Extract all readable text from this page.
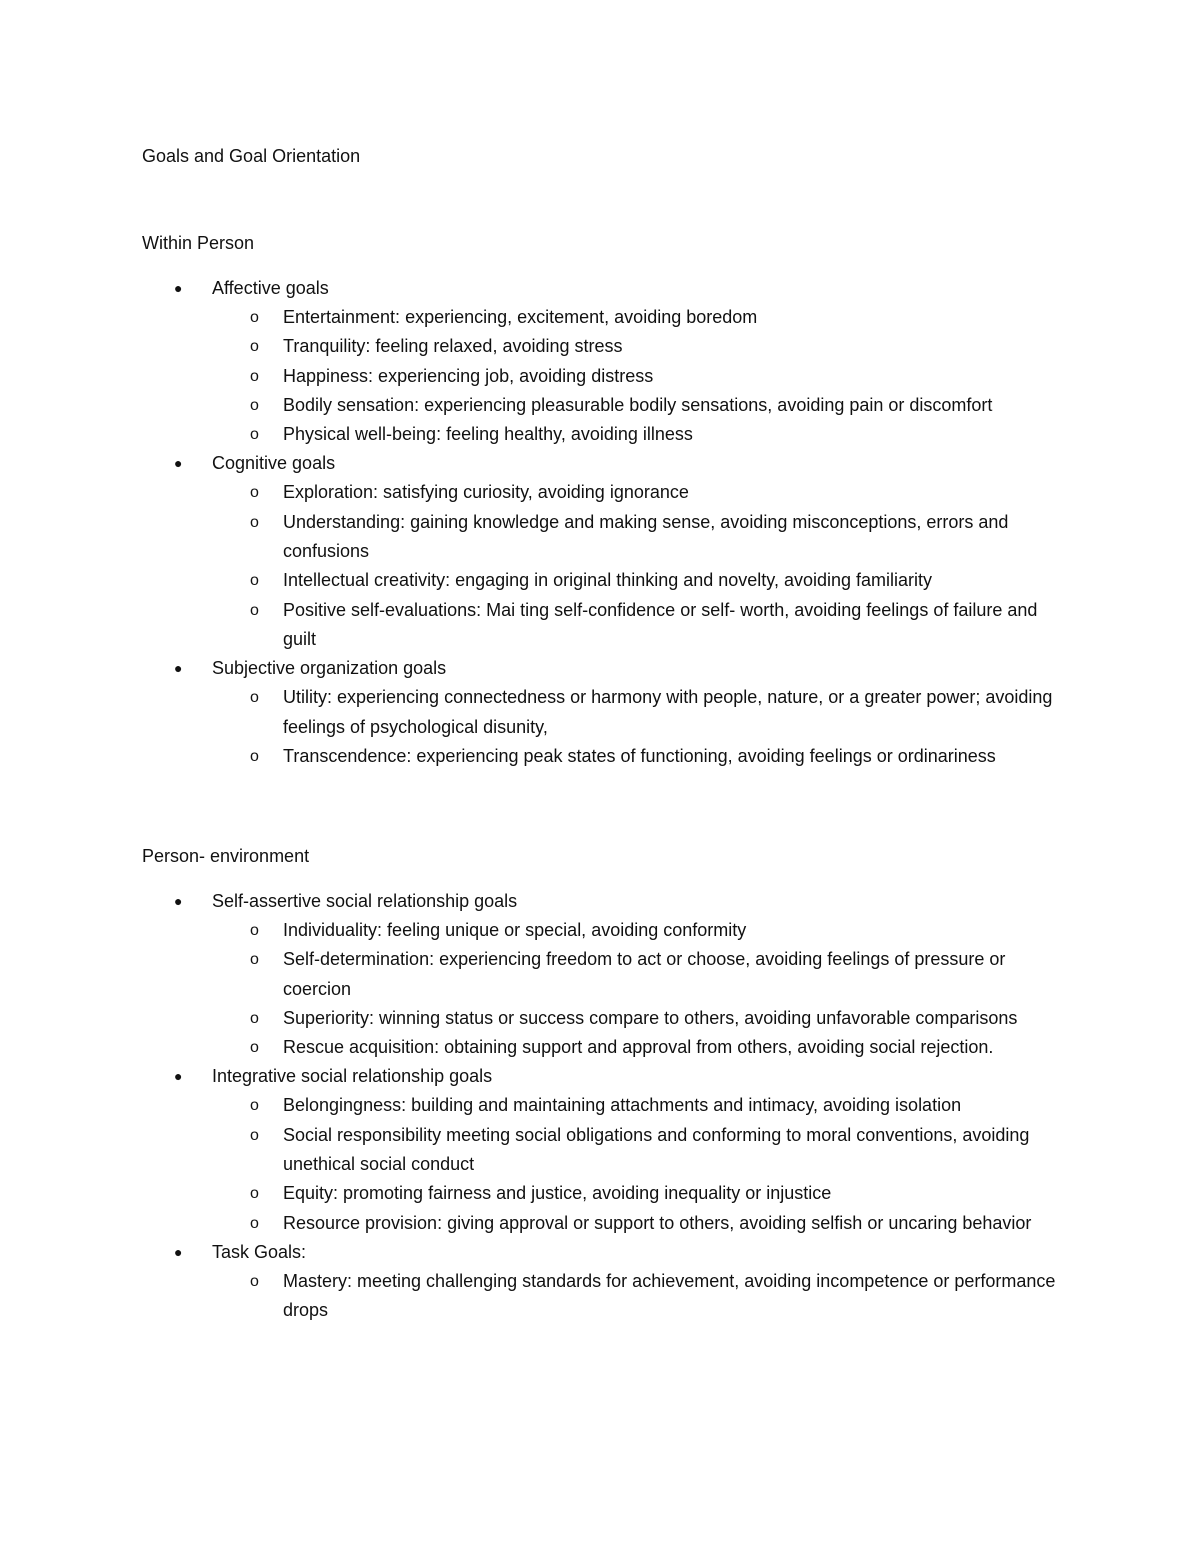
Goals and Goal Orientation
Within Person
● Affective goals
o Entertainment: experiencing, excitement, avoiding boredom
o Tranquility: feeling relaxed, avoiding stress
o Happiness: experiencing job, avoiding distress
o Bodily sensation: experiencing pleasurable bodily sensations, avoiding pain or discomfort
o Physical well-being: feeling healthy, avoiding illness
● Cognitive goals
o Exploration: satisfying curiosity, avoiding ignorance
o Understanding: gaining knowledge and making sense, avoiding misconceptions, errors and confusions
o Intellectual creativity: engaging in original thinking and novelty, avoiding familiarity
o Positive self-evaluations: Mai ting self-confidence or self- worth, avoiding feelings of failure and guilt
● Subjective organization goals
o Utility: experiencing connectedness or harmony with people, nature, or a greater power; avoiding feelings of psychological disunity,
o Transcendence: experiencing peak states of functioning, avoiding feelings or ordinariness
Person- environment
● Self-assertive social relationship goals
o Individuality: feeling unique or special, avoiding conformity
o Self-determination: experiencing freedom to act or choose, avoiding feelings of pressure or coercion
o Superiority: winning status or success compare to others, avoiding unfavorable comparisons
o Rescue acquisition: obtaining support and approval from others, avoiding social rejection.
● Integrative social relationship goals
o Belongingness: building and maintaining attachments and intimacy, avoiding isolation
o Social responsibility meeting social obligations and conforming to moral conventions, avoiding unethical social conduct
o Equity: promoting fairness and justice, avoiding inequality or injustice
o Resource provision: giving approval or support to others, avoiding selfish or uncaring behavior
● Task Goals:
o Mastery: meeting challenging standards for achievement, avoiding incompetence or performance drops
